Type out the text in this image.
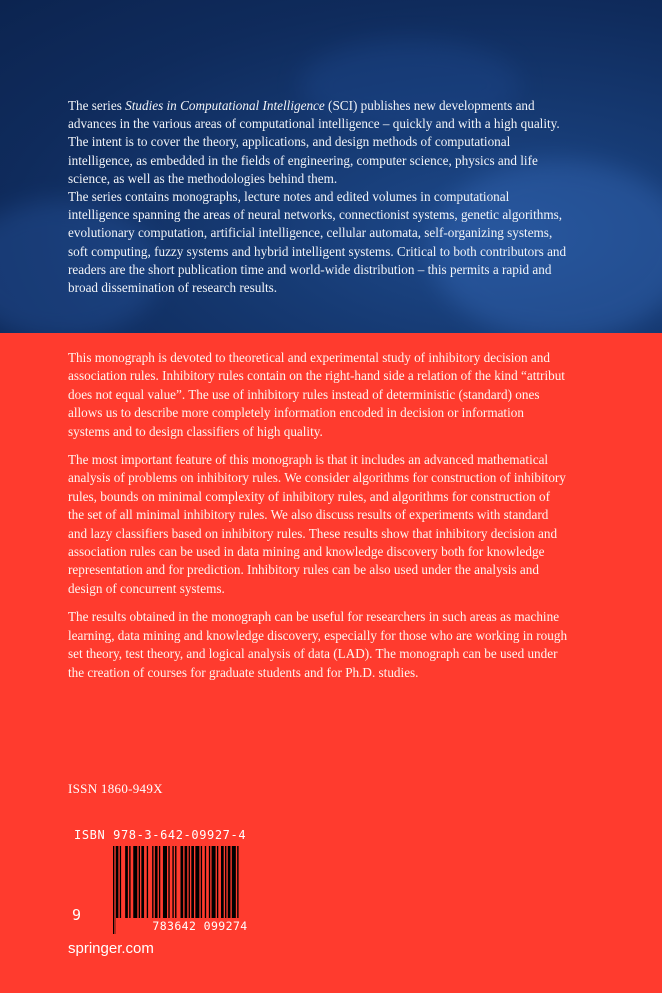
The series Studies in Computational Intelligence (SCI) publishes new developments and advances in the various areas of computational intelligence – quickly and with a high quality. The intent is to cover the theory, applications, and design methods of computational intelligence, as embedded in the fields of engineering, computer science, physics and life science, as well as the methodologies behind them.

The series contains monographs, lecture notes and edited volumes in computational intelligence spanning the areas of neural networks, connectionist systems, genetic algorithms, evolutionary computation, artificial intelligence, cellular automata, self-organizing systems, soft computing, fuzzy systems and hybrid intelligent systems. Critical to both contributors and readers are the short publication time and world-wide distribution – this permits a rapid and broad dissemination of research results.

This monograph is devoted to theoretical and experimental study of inhibitory decision and association rules. Inhibitory rules contain on the right-hand side a relation of the kind “attribut does not equal value”. The use of inhibitory rules instead of deterministic (standard) ones allows us to describe more completely information encoded in decision or information systems and to design classifiers of high quality.

The most important feature of this monograph is that it includes an advanced mathematical analysis of problems on inhibitory rules. We consider algorithms for construction of inhibitory rules, bounds on minimal complexity of inhibitory rules, and algorithms for construction of the set of all minimal inhibitory rules. We also discuss results of experiments with standard and lazy classifiers based on inhibitory rules. These results show that inhibitory decision and association rules can be used in data mining and knowledge discovery both for knowledge representation and for prediction. Inhibitory rules can be also used under the analysis and design of concurrent systems.

The results obtained in the monograph can be useful for researchers in such areas as machine learning, data mining and knowledge discovery, especially for those who are working in rough set theory, test theory, and logical analysis of data (LAD). The monograph can be used under the creation of courses for graduate students and for Ph.D. studies.

ISSN 1860-949X
ISBN 978-3-642-09927-4
9
783642 099274
springer.com
